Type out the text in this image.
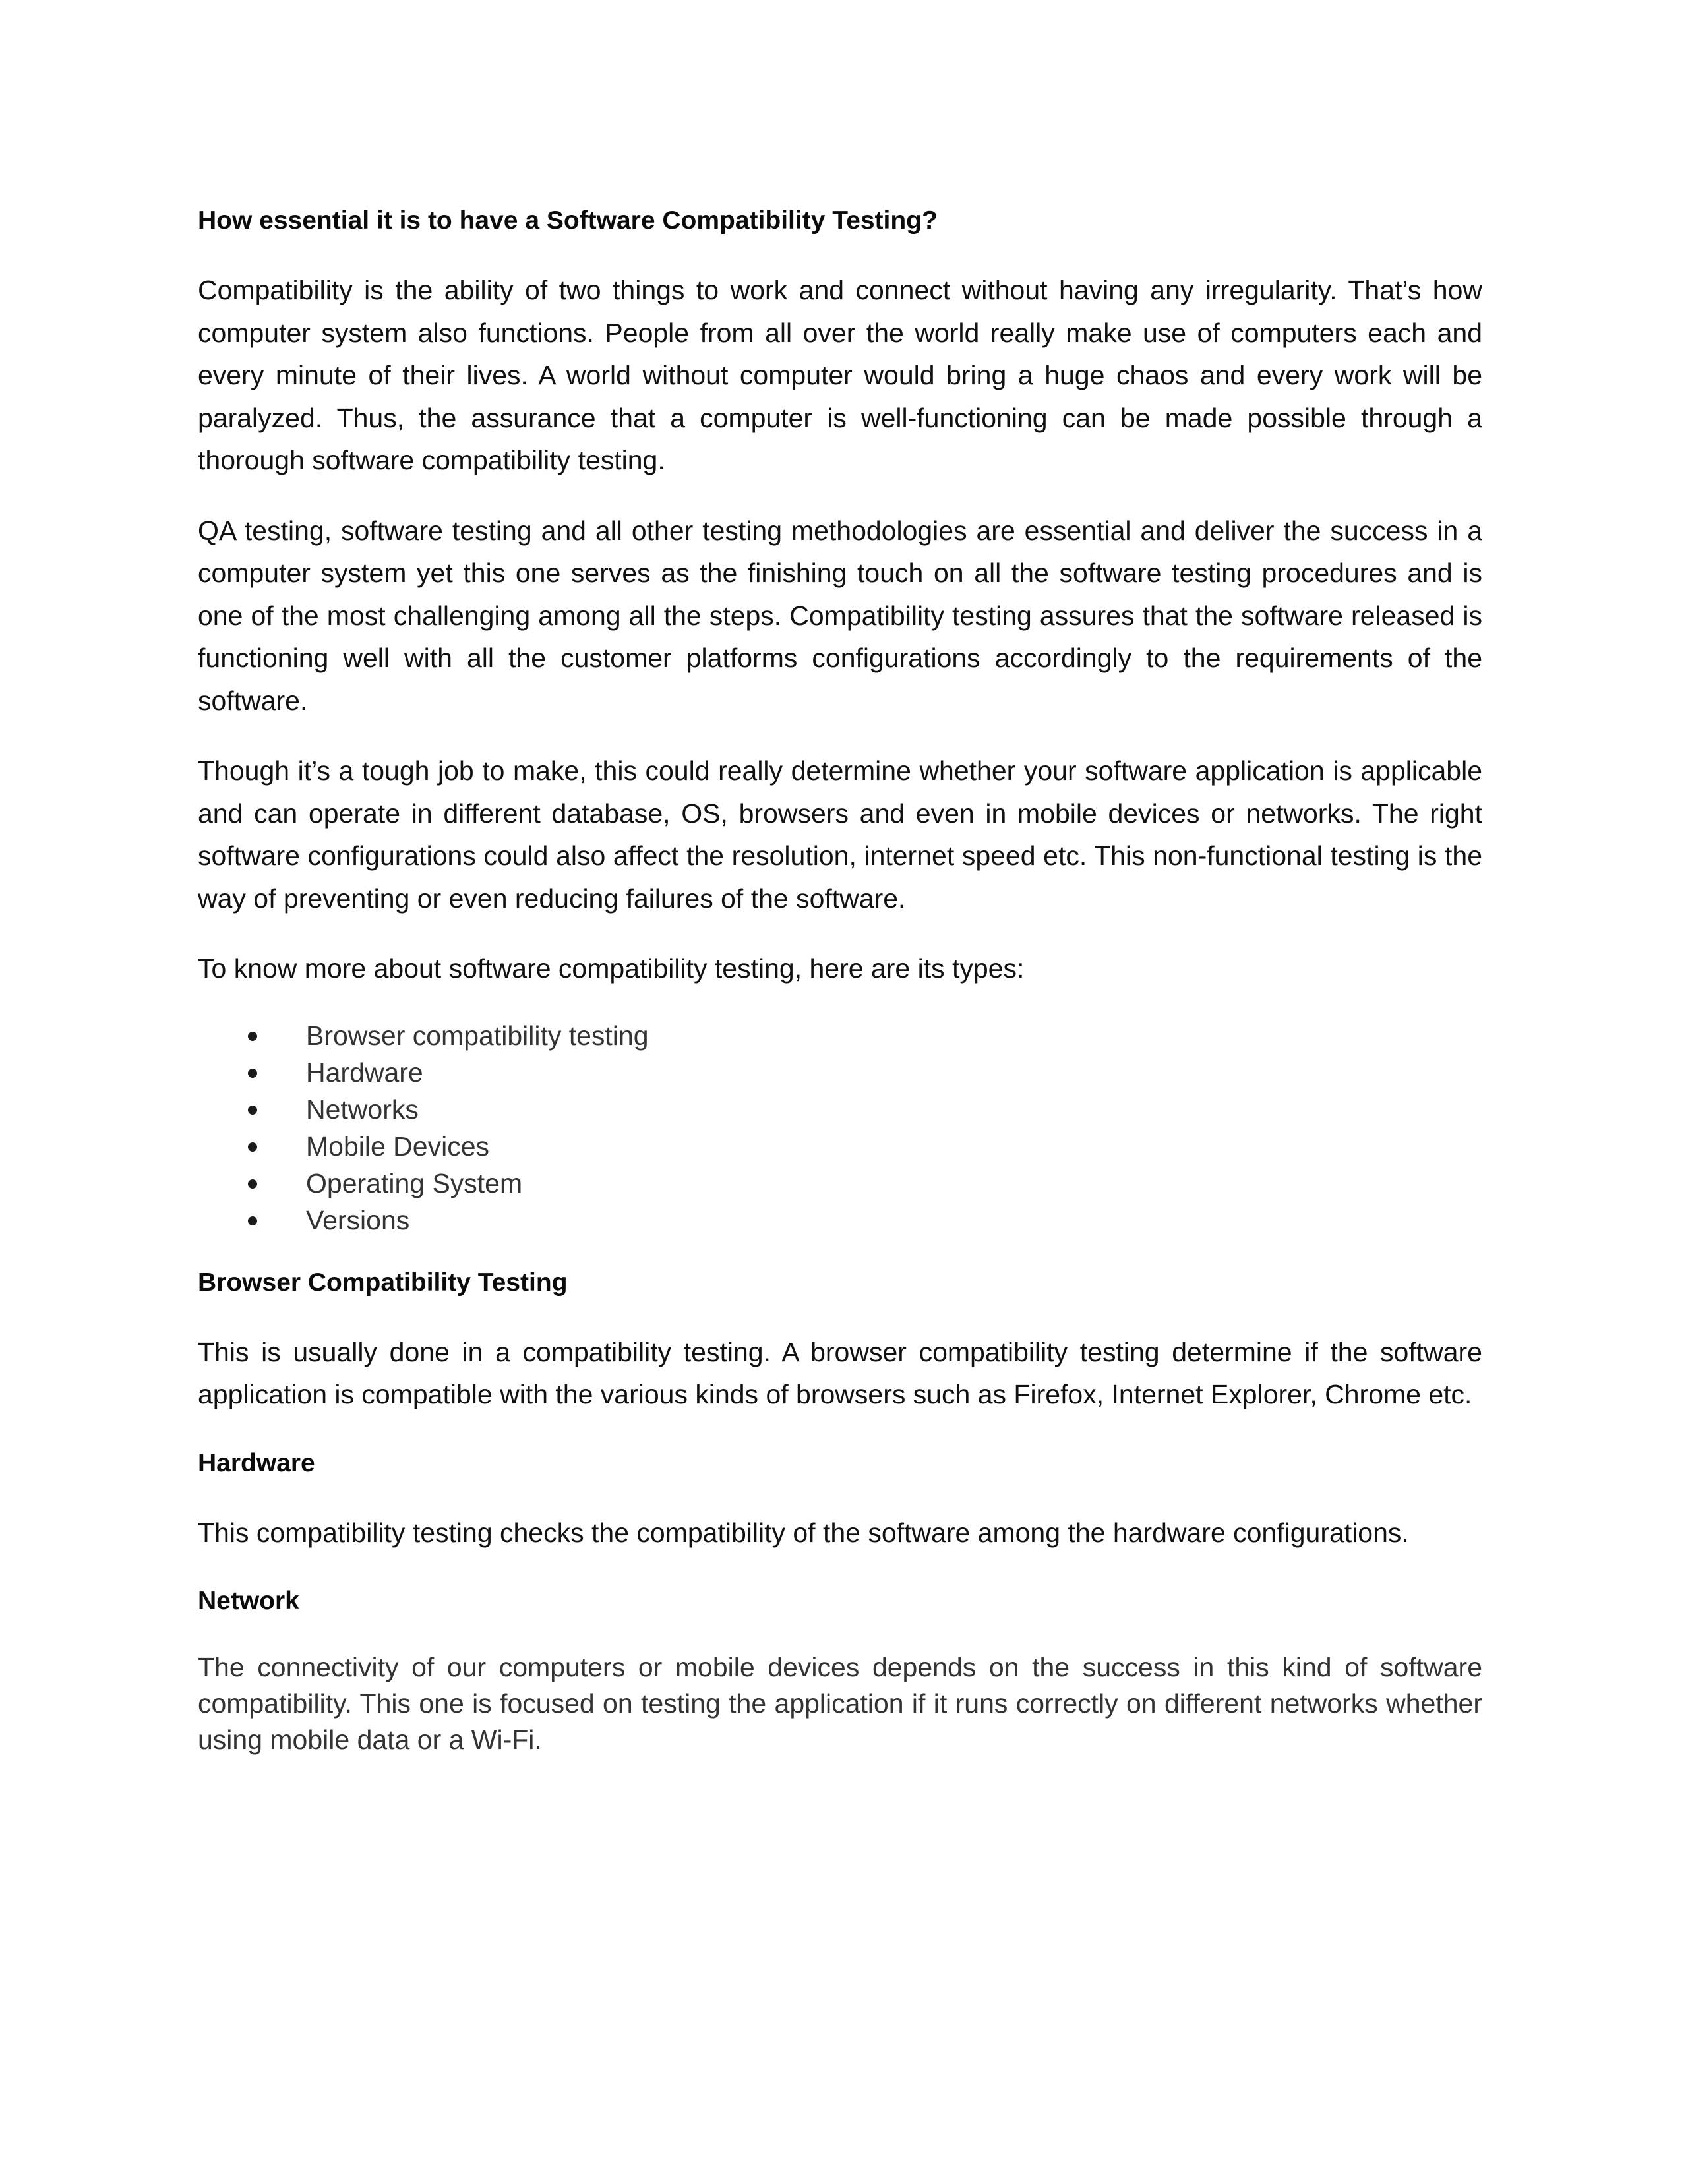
How essential it is to have a Software Compatibility Testing?

Compatibility is the ability of two things to work and connect without having any irregularity. That’s how computer system also functions. People from all over the world really make use of computers each and every minute of their lives. A world without computer would bring a huge chaos and every work will be paralyzed. Thus, the assurance that a computer is well-functioning can be made possible through a thorough software compatibility testing.

QA testing, software testing and all other testing methodologies are essential and deliver the success in a computer system yet this one serves as the finishing touch on all the software testing procedures and is one of the most challenging among all the steps. Compatibility testing assures that the software released is functioning well with all the customer platforms configurations accordingly to the requirements of the software.

Though it’s a tough job to make, this could really determine whether your software application is applicable and can operate in different database, OS, browsers and even in mobile devices or networks. The right software configurations could also affect the resolution, internet speed etc. This non-functional testing is the way of preventing or even reducing failures of the software.

To know more about software compatibility testing, here are its types:

Browser compatibility testing
Hardware
Networks
Mobile Devices
Operating System
Versions
Browser Compatibility Testing

This is usually done in a compatibility testing. A browser compatibility testing determine if the software application is compatible with the various kinds of browsers such as Firefox, Internet Explorer, Chrome etc.

Hardware

This compatibility testing checks the compatibility of the software among the hardware configurations.

Network

The connectivity of our computers or mobile devices depends on the success in this kind of software compatibility. This one is focused on testing the application if it runs correctly on different networks whether using mobile data or a Wi-Fi.
